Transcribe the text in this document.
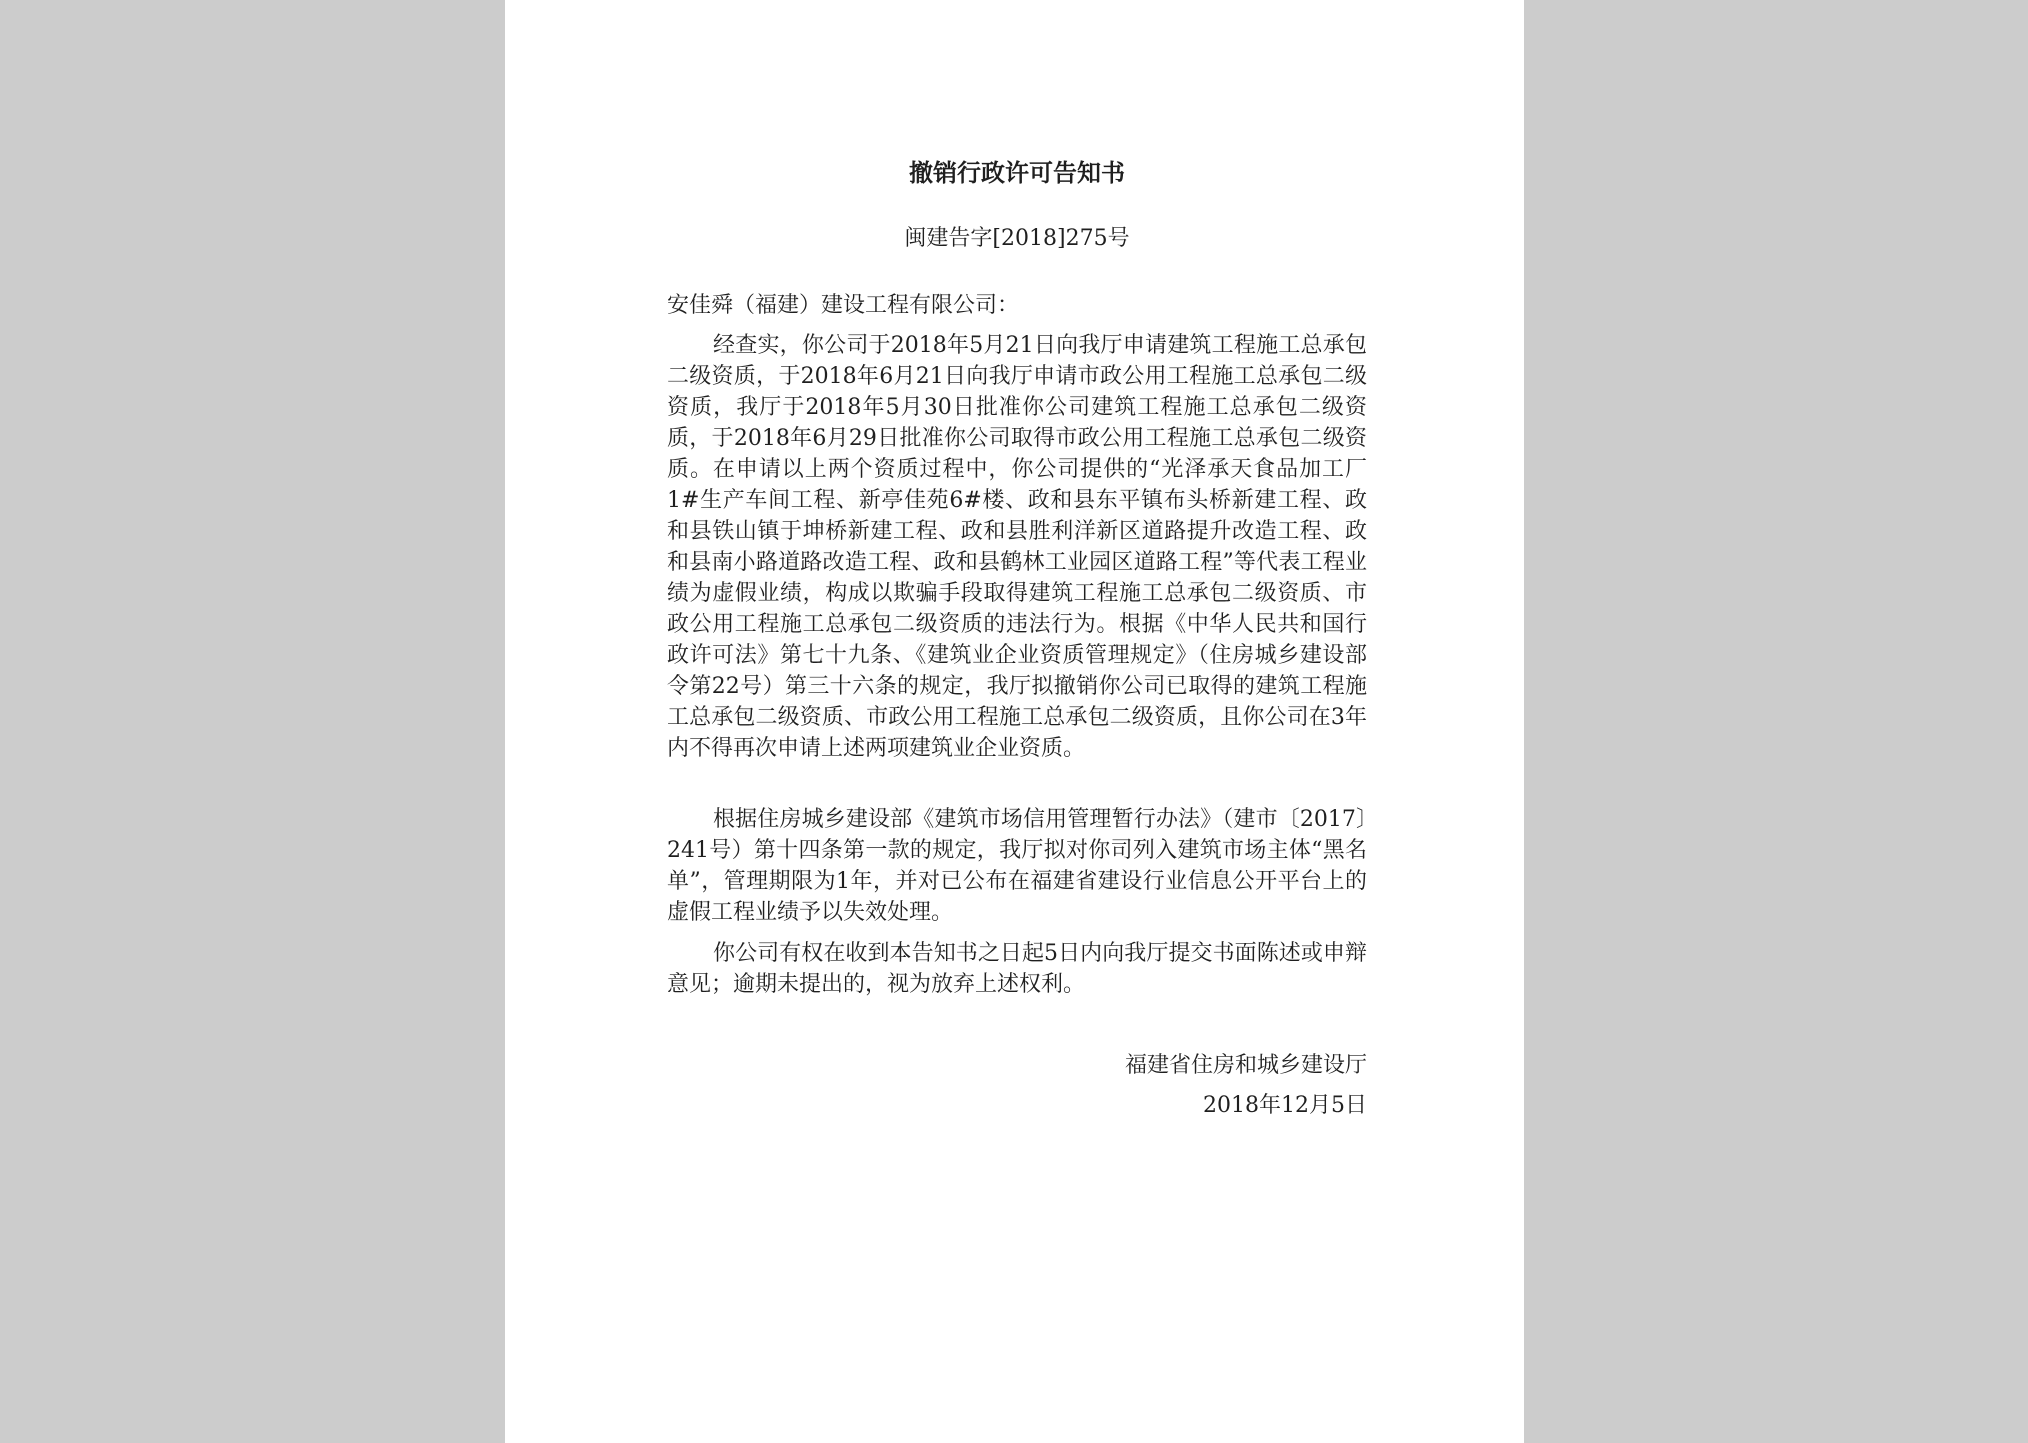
撤销行政许可告知书

闽建告字[2018]275号

安佳舜（福建）建设工程有限公司：

经查实，你公司于2018年5月21日向我厅申请建筑工程施工总承包二级资质，于2018年6月21日向我厅申请市政公用工程施工总承包二级资质，我厅于2018年5月30日批准你公司建筑工程施工总承包二级资质，于2018年6月29日批准你公司取得市政公用工程施工总承包二级资质。在申请以上两个资质过程中，你公司提供的“光泽承天食品加工厂1#生产车间工程、新亭佳苑6#楼、政和县东平镇布头桥新建工程、政和县铁山镇于坤桥新建工程、政和县胜利洋新区道路提升改造工程、政和县南小路道路改造工程、政和县鹤林工业园区道路工程”等代表工程业绩为虚假业绩，构成以欺骗手段取得建筑工程施工总承包二级资质、市政公用工程施工总承包二级资质的违法行为。根据《中华人民共和国行政许可法》第七十九条、《建筑业企业资质管理规定》（住房城乡建设部令第22号）第三十六条的规定，我厅拟撤销你公司已取得的建筑工程施工总承包二级资质、市政公用工程施工总承包二级资质，且你公司在3年内不得再次申请上述两项建筑业企业资质。

根据住房城乡建设部《建筑市场信用管理暂行办法》（建市〔2017〕241号）第十四条第一款的规定，我厅拟对你司列入建筑市场主体“黑名单”，管理期限为1年，并对已公布在福建省建设行业信息公开平台上的虚假工程业绩予以失效处理。

你公司有权在收到本告知书之日起5日内向我厅提交书面陈述或申辩意见；逾期未提出的，视为放弃上述权利。

福建省住房和城乡建设厅

2018年12月5日
